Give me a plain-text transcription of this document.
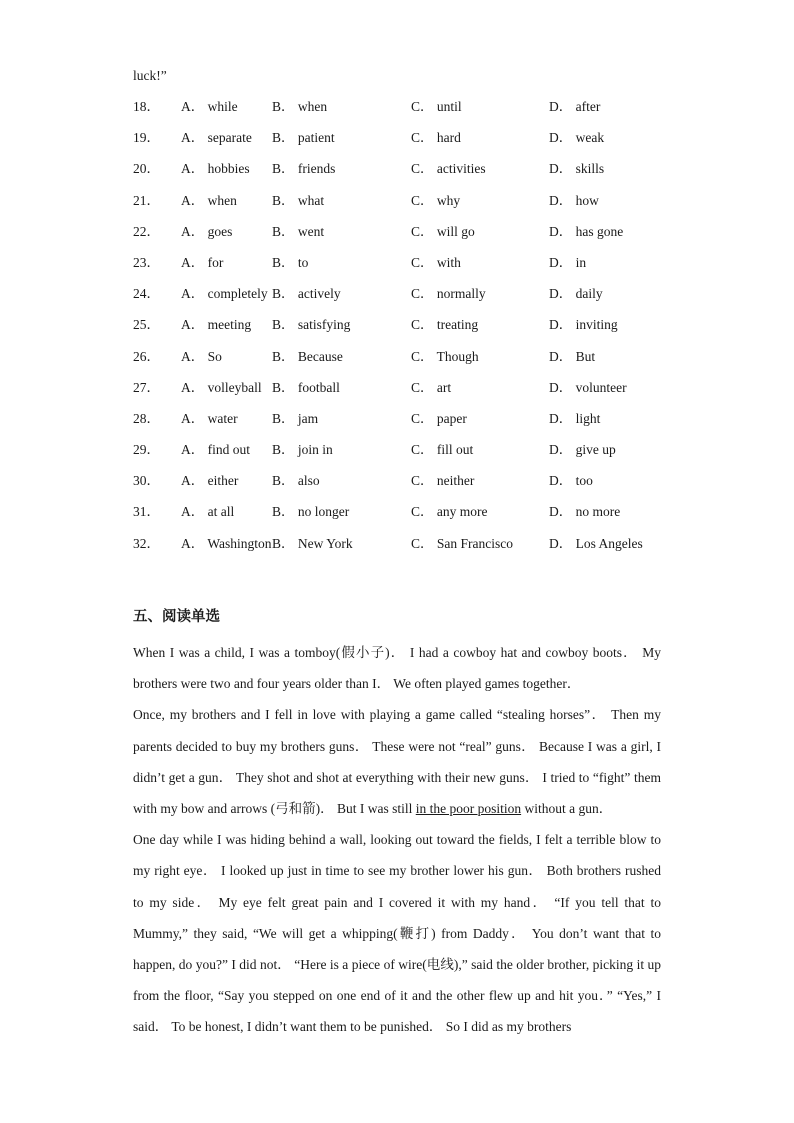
luck!”
18． A． while	B． when	C． until	D． after
19． A． separate B． patient	C． hard	D． weak
20． A． hobbies B． friends	C． activities	D． skills
21． A． when	B． what	C． why	D． how
22． A． goes	B． went	C． will go	D． has gone
23． A． for	B． to	C． with	D． in
24． A． completely B． actively	C． normally	D． daily
25． A． meeting B． satisfying	C． treating	D． inviting
26． A． So	B． Because	C． Though	D． But
27． A． volleyball B． football	C． art	D． volunteer
28． A． water	B． jam	C． paper	D． light
29． A． find out B． join in	C． fill out	D． give up
30． A． either B． also	C． neither	D． too
31． A． at all	B． no longer	C． any more	D． no more
32． A． Washington B． New York	C． San Francisco	D． Los Angeles
五、阅读单选

When I was a child, I was a tomboy(假小子)． I had a cowboy hat and cowboy boots． My brothers were two and four years older than I． We often played games together．

Once, my brothers and I fell in love with playing a game called “stealing horses”． Then my parents decided to buy my brothers guns． These were not “real” guns． Because I was a girl, I didn’t get a gun． They shot and shot at everything with their new guns． I tried to “fight” them with my bow and arrows (弓和箭)． But I was still in the poor position without a gun．

One day while I was hiding behind a wall, looking out toward the fields, I felt a terrible blow to my right eye． I looked up just in time to see my brother lower his gun． Both brothers rushed to my side． My eye felt great pain and I covered it with my hand． “If you tell that to Mummy,” they said, “We will get a whipping(鞭打) from Daddy． You don’t want that to happen, do you?” I did not． “Here is a piece of wire(电线),” said the older brother, picking it up from the floor, “Say you stepped on one end of it and the other flew up and hit you．” “Yes,” I said． To be honest, I didn’t want them to be punished． So I did as my brothers
